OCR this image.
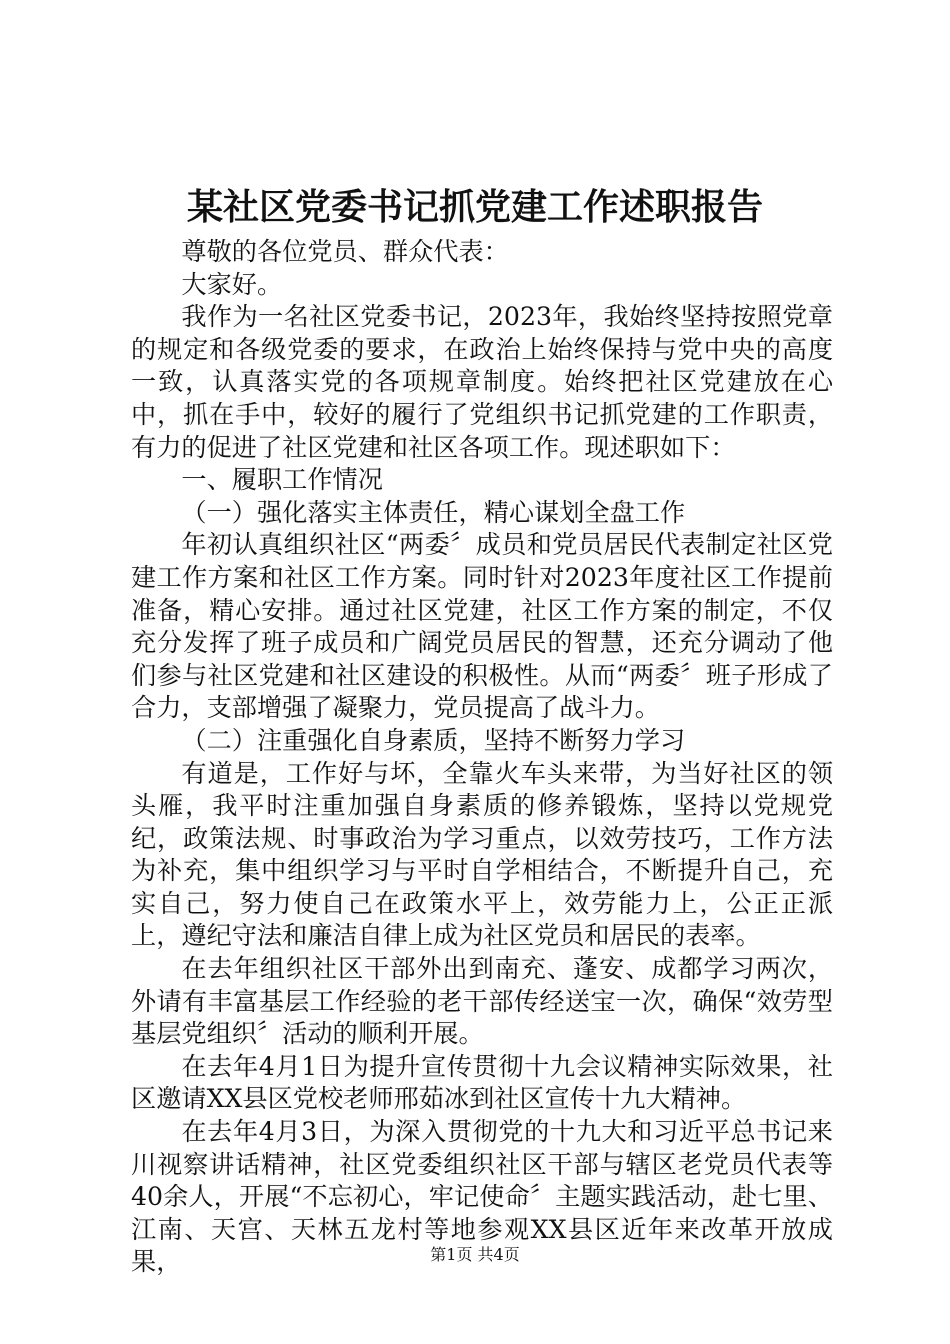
某社区党委书记抓党建工作述职报告

尊敬的各位党员、群众代表：

大家好。

我作为一名社区党委书记，2023年，我始终坚持按照党章的规定和各级党委的要求，在政治上始终保持与党中央的高度一致，认真落实党的各项规章制度。始终把社区党建放在心中，抓在手中，较好的履行了党组织书记抓党建的工作职责，有力的促进了社区党建和社区各项工作。现述职如下：

一、履职工作情况

（一）强化落实主体责任，精心谋划全盘工作

年初认真组织社区“两委〞成员和党员居民代表制定社区党建工作方案和社区工作方案。同时针对2023年度社区工作提前准备，精心安排。通过社区党建，社区工作方案的制定，不仅充分发挥了班子成员和广阔党员居民的智慧，还充分调动了他们参与社区党建和社区建设的积极性。从而“两委〞班子形成了合力，支部增强了凝聚力，党员提高了战斗力。

（二）注重强化自身素质，坚持不断努力学习

有道是，工作好与坏，全靠火车头来带，为当好社区的领头雁，我平时注重加强自身素质的修养锻炼，坚持以党规党纪，政策法规、时事政治为学习重点，以效劳技巧，工作方法为补充，集中组织学习与平时自学相结合，不断提升自己，充实自己，努力使自己在政策水平上，效劳能力上，公正正派上，遵纪守法和廉洁自律上成为社区党员和居民的表率。

在去年组织社区干部外出到南充、蓬安、成都学习两次，外请有丰富基层工作经验的老干部传经送宝一次，确保“效劳型基层党组织〞活动的顺利开展。

在去年4月1日为提升宣传贯彻十九会议精神实际效果，社区邀请XX县区党校老师邢茹冰到社区宣传十九大精神。

在去年4月3日，为深入贯彻党的十九大和习近平总书记来川视察讲话精神，社区党委组织社区干部与辖区老党员代表等40余人，开展“不忘初心，牢记使命〞主题实践活动，赴七里、江南、天宫、天林五龙村等地参观XX县区近年来改革开放成果，	第1页 共4页
